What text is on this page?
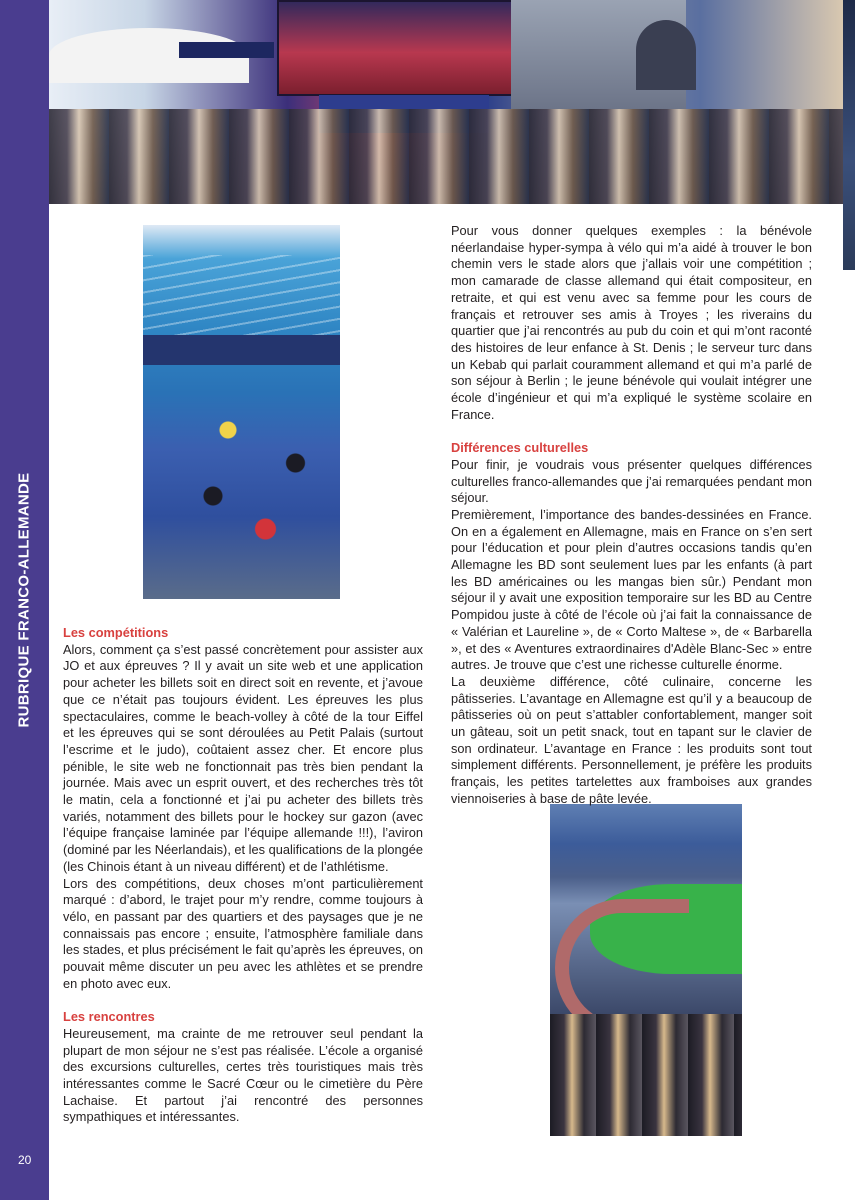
RUBRIQUE FRANCO-ALLEMANDE
20
Les compétitions

Alors, comment ça s’est passé concrètement pour assister aux JO et aux épreuves ? Il y avait un site web et une application pour acheter les billets soit en direct soit en revente, et j’avoue que ce n’était pas toujours évident. Les épreuves les plus spectaculaires, comme le beach-volley à côté de la tour Eiffel et les épreuves qui se sont déroulées au Petit Palais (surtout l’escrime et le judo), coûtaient assez cher. Et encore plus pénible, le site web ne fonctionnait pas très bien pendant la journée. Mais avec un esprit ouvert, et des recherches très tôt le matin, cela a fonctionné et j’ai pu acheter des billets très variés, notamment des billets pour le hockey sur gazon (avec l’équipe française laminée par l’équipe allemande !!!), l’aviron (dominé par les Néerlandais), et les qualifications de la plongée (les Chinois étant à un niveau différent) et de l’athlétisme.

Lors des compétitions, deux choses m’ont particulièrement marqué : d’abord, le trajet pour m’y rendre, comme toujours à vélo, en passant par des quartiers et des paysages que je ne connaissais pas encore ; ensuite, l’atmosphère familiale dans les stades, et plus précisément le fait qu’après les épreuves, on pouvait même discuter un peu avec les athlètes et se prendre en photo avec eux.

Les rencontres

Heureusement, ma crainte de me retrouver seul pendant la plupart de mon séjour ne s’est pas réalisée. L’école a organisé des excursions culturelles, certes très touristiques mais très intéressantes comme le Sacré Cœur ou le cimetière du Père Lachaise. Et partout j’ai rencontré des personnes sympathiques et intéressantes.

Pour vous donner quelques exemples : la bénévole néerlandaise hyper-sympa à vélo qui m’a aidé à trouver le bon chemin vers le stade alors que j’allais voir une compétition ; mon camarade de classe allemand qui était compositeur, en retraite, et qui est venu avec sa femme pour les cours de français et retrouver ses amis à Troyes ; les riverains du quartier que j’ai rencontrés au pub du coin et qui m’ont raconté des histoires de leur enfance à St. Denis ; le serveur turc dans un Kebab qui parlait couramment allemand et qui m’a parlé de son séjour à Berlin ; le jeune bénévole qui voulait intégrer une école d’ingénieur et qui m’a expliqué le système scolaire en France.

Différences culturelles

Pour finir, je voudrais vous présenter quelques différences culturelles franco-allemandes que j’ai remarquées pendant mon séjour.

Premièrement, l’importance des bandes-dessinées en France. On en a également en Allemagne, mais en France on s’en sert pour l’éducation et pour plein d’autres occasions tandis qu’en Allemagne les BD sont seulement lues par les enfants (à part les BD américaines ou les mangas bien sûr.) Pendant mon séjour il y avait une exposition temporaire sur les BD au Centre Pompidou juste à côté de l’école où j’ai fait la connaissance de « Valérian et Laureline », de « Corto Maltese », de « Barbarella », et des « Aventures extraordinaires d'Adèle Blanc-Sec » entre autres. Je trouve que c’est une richesse culturelle énorme.

La deuxième différence, côté culinaire, concerne les pâtisseries. L’avantage en Allemagne est qu’il y a beaucoup de pâtisseries où on peut s’attabler confortablement, manger soit un gâteau, soit un petit snack, tout en tapant sur le clavier de son ordinateur. L’avantage en France : les produits sont tout simplement différents. Personnellement, je préfère les produits français, les petites tartelettes aux framboises aux grandes viennoiseries à base de pâte levée.
